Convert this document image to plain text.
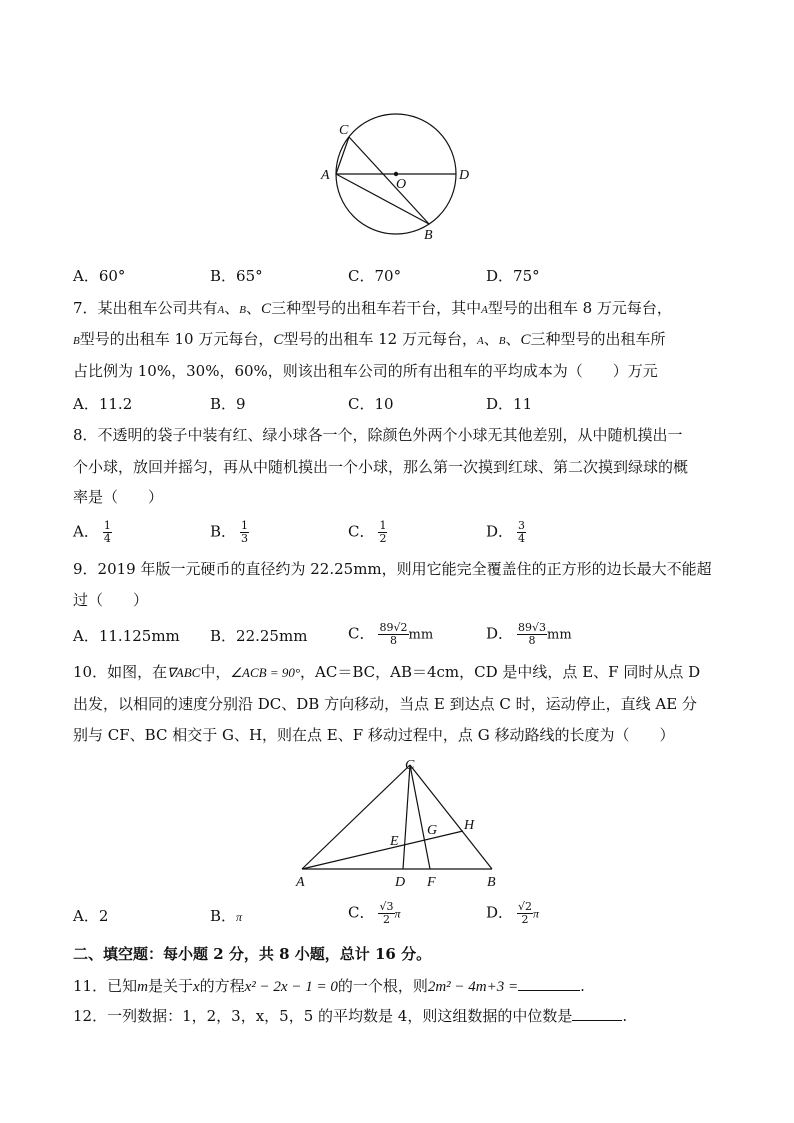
C
A
O
D
B
A．60°	B．65°	C．70°	D．75°
7．某出租车公司共有A、B、C三种型号的出租车若干台，其中A型号的出租车 8 万元每台，
B型号的出租车 10 万元每台，C型号的出租车 12 万元每台，A、B、C三种型号的出租车所
占比例为 10%，30%，60%，则该出租车公司的所有出租车的平均成本为（　　）万元
A．11.2	B．9	C．10	D．11
8．不透明的袋子中装有红、绿小球各一个，除颜色外两个小球无其他差别，从中随机摸出一
个小球，放回并摇匀，再从中随机摸出一个小球，那么第一次摸到红球、第二次摸到绿球的概
率是（　　）
A． $\frac{1}{4}$	B． $\frac{1}{3}$	C． $\frac{1}{2}$	D． $\frac{3}{4}$
9．2019 年版一元硬币的直径约为 22.25mm，则用它能完全覆盖住的正方形的边长最大不能超
过（　　）
A．11.125mm B．22.25mm	C． $\frac{89√2}{8}$ mm	D． $\frac{89√3}{8}$ mm
10．如图，在∇ABC中，∠ACB = 90°，AC＝BC，AB＝4cm，CD 是中线，点 E、F 同时从点 D
出发，以相同的速度分别沿 DC、DB 方向移动，当点 E 到达点 C 时，运动停止，直线 AE 分
别与 CF、BC 相交于 G、H，则在点 E、F 移动过程中，点 G 移动路线的长度为（　　）
C
H
G
E
A	D F	B
A．2	B．π	C． $\frac{√3}{2}$ π	D． $\frac{√2}{2}$ π
二、填空题：每小题 2 分，共 8 小题，总计 16 分。
11．已知m是关于x的方程x² − 2x − 1 = 0的一个根，则2m² − 4m+3 =	.
12．一列数据：1，2，3，x，5，5 的平均数是 4，则这组数据的中位数是	.
